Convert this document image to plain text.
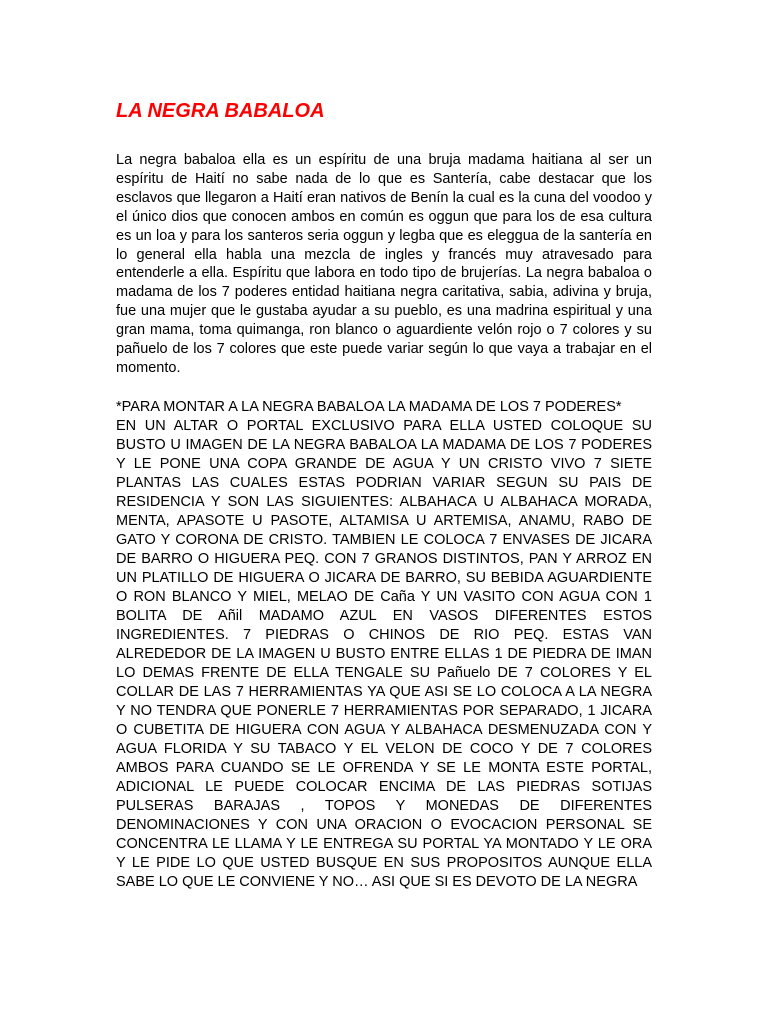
LA NEGRA BABALOA

La negra babaloa ella es un espíritu de una bruja madama haitiana al ser un espíritu de Haití no sabe nada de lo que es Santería, cabe destacar que los esclavos que llegaron a Haití eran nativos de Benín la cual es la cuna del voodoo y el único dios que conocen ambos en común es oggun que para los de esa cultura es un loa y para los santeros seria oggun y legba que es eleggua de la santería en lo general ella habla una mezcla de ingles y francés muy atravesado para entenderle a ella. Espíritu que labora en todo tipo de brujerías. La negra babaloa o madama de los 7 poderes entidad haitiana negra caritativa, sabia, adivina y bruja, fue una mujer que le gustaba ayudar a su pueblo, es una madrina espiritual y una gran mama, toma quimanga, ron blanco o aguardiente velón rojo o 7 colores y su pañuelo de los 7 colores que este puede variar según lo que vaya a trabajar en el momento.

*PARA MONTAR A LA NEGRA BABALOA LA MADAMA DE LOS 7 PODERES*
EN UN ALTAR O PORTAL EXCLUSIVO PARA ELLA USTED COLOQUE SU BUSTO U IMAGEN DE LA NEGRA BABALOA LA MADAMA DE LOS 7 PODERES Y LE PONE UNA COPA GRANDE DE AGUA Y UN CRISTO VIVO 7 SIETE PLANTAS LAS CUALES ESTAS PODRIAN VARIAR SEGUN SU PAIS DE RESIDENCIA Y SON LAS SIGUIENTES: ALBAHACA U ALBAHACA MORADA, MENTA, APASOTE U PASOTE, ALTAMISA U ARTEMISA, ANAMU, RABO DE GATO Y CORONA DE CRISTO. TAMBIEN LE COLOCA 7 ENVASES DE JICARA DE BARRO O HIGUERA PEQ. CON 7 GRANOS DISTINTOS, PAN Y ARROZ EN UN PLATILLO DE HIGUERA O JICARA DE BARRO, SU BEBIDA AGUARDIENTE O RON BLANCO Y MIEL, MELAO DE Caña Y UN VASITO CON AGUA CON 1 BOLITA DE Añil MADAMO AZUL EN VASOS DIFERENTES ESTOS INGREDIENTES. 7 PIEDRAS O CHINOS DE RIO PEQ. ESTAS VAN ALREDEDOR DE LA IMAGEN U BUSTO ENTRE ELLAS 1 DE PIEDRA DE IMAN LO DEMAS FRENTE DE ELLA TENGALE SU Pañuelo DE 7 COLORES Y EL COLLAR DE LAS 7 HERRAMIENTAS YA QUE ASI SE LO COLOCA A LA NEGRA Y NO TENDRA QUE PONERLE 7 HERRAMIENTAS POR SEPARADO, 1 JICARA O CUBETITA DE HIGUERA CON AGUA Y ALBAHACA DESMENUZADA CON Y AGUA FLORIDA Y SU TABACO Y EL VELON DE COCO Y DE 7 COLORES AMBOS PARA CUANDO SE LE OFRENDA Y SE LE MONTA ESTE PORTAL, ADICIONAL LE PUEDE COLOCAR ENCIMA DE LAS PIEDRAS SOTIJAS PULSERAS BARAJAS , TOPOS Y MONEDAS DE DIFERENTES DENOMINACIONES Y CON UNA ORACION O EVOCACION PERSONAL SE CONCENTRA LE LLAMA Y LE ENTREGA SU PORTAL YA MONTADO Y LE ORA Y LE PIDE LO QUE USTED BUSQUE EN SUS PROPOSITOS AUNQUE ELLA SABE LO QUE LE CONVIENE Y NO… ASI QUE SI ES DEVOTO DE LA NEGRA
